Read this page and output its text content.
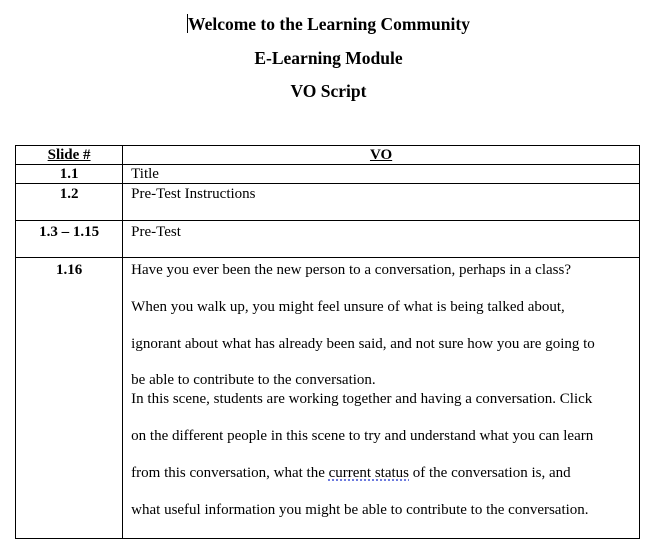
Welcome to the Learning Community
E-Learning Module
VO Script
Slide #	VO
1.1	Title
1.2	Pre-Test Instructions
1.3 – 1.15	Pre-Test
1.16	Have you ever been the new person to a conversation, perhaps in a class?
When you walk up, you might feel unsure of what is being talked about,
ignorant about what has already been said, and not sure how you are going to
be able to contribute to the conversation.
In this scene, students are working together and having a conversation. Click
on the different people in this scene to try and understand what you can learn
from this conversation, what the current status of the conversation is, and
what useful information you might be able to contribute to the conversation.
